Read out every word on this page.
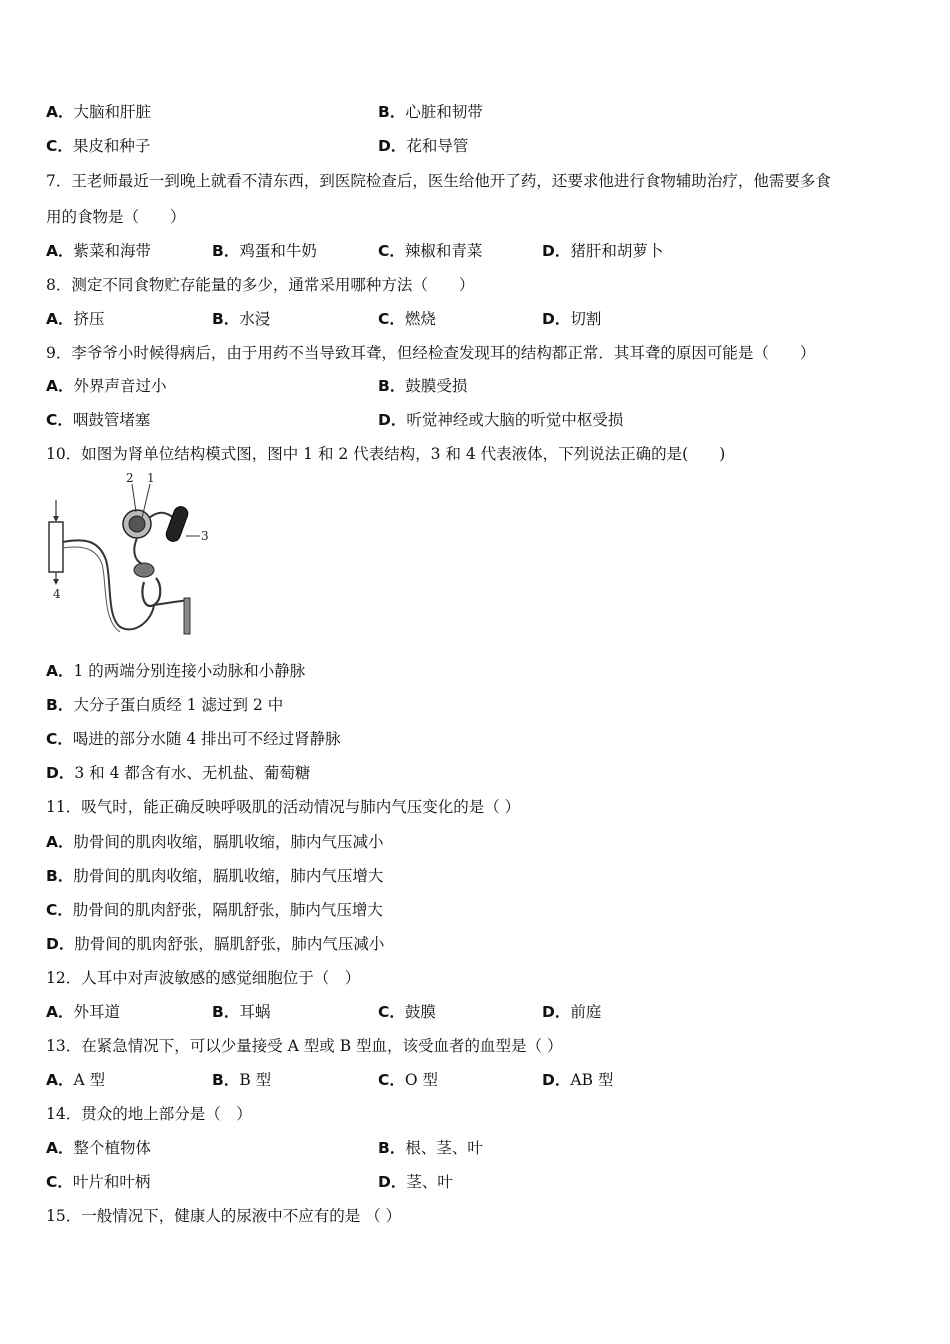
A．大脑和肝脏	B．心脏和韧带
C．果皮和种子	D．花和导管
7．王老师最近一到晚上就看不清东西，到医院检查后，医生给他开了药，还要求他进行食物辅助治疗，他需要多食
用的食物是（　　）
A．紫菜和海带	B．鸡蛋和牛奶	C．辣椒和青菜	D．猪肝和胡萝卜
8．测定不同食物贮存能量的多少，通常采用哪种方法（　　）
A．挤压	B．水浸	C．燃烧	D．切割
9．李爷爷小时候得病后，由于用药不当导致耳聋，但经检查发现耳的结构都正常．其耳聋的原因可能是（　　）
A．外界声音过小	B．鼓膜受损
C．咽鼓管堵塞	D．听觉神经或大脑的听觉中枢受损
10．如图为肾单位结构模式图，图中 1 和 2 代表结构，3 和 4 代表液体，下列说法正确的是(　　)
4
3
2 1
A．1 的两端分别连接小动脉和小静脉
B．大分子蛋白质经 1 滤过到 2 中
C．喝进的部分水随 4 排出可不经过肾静脉
D．3 和 4 都含有水、无机盐、葡萄糖
11．吸气时，能正确反映呼吸肌的活动情况与肺内气压变化的是（ ）
A．肋骨间的肌肉收缩，膈肌收缩，肺内气压减小
B．肋骨间的肌肉收缩，膈肌收缩，肺内气压增大
C．肋骨间的肌肉舒张，隔肌舒张，肺内气压增大
D．肋骨间的肌肉舒张，膈肌舒张，肺内气压减小
12．人耳中对声波敏感的感觉细胞位于（　）
A．外耳道	B．耳蜗	C．鼓膜	D．前庭
13．在紧急情况下，可以少量接受 A 型或 B 型血，该受血者的血型是（ ）
A．A 型	B．B 型	C．O 型	D．AB 型
14．贯众的地上部分是（　）
A．整个植物体	B．根、茎、叶
C．叶片和叶柄	D．茎、叶
15．一般情况下，健康人的尿液中不应有的是 （ ）
